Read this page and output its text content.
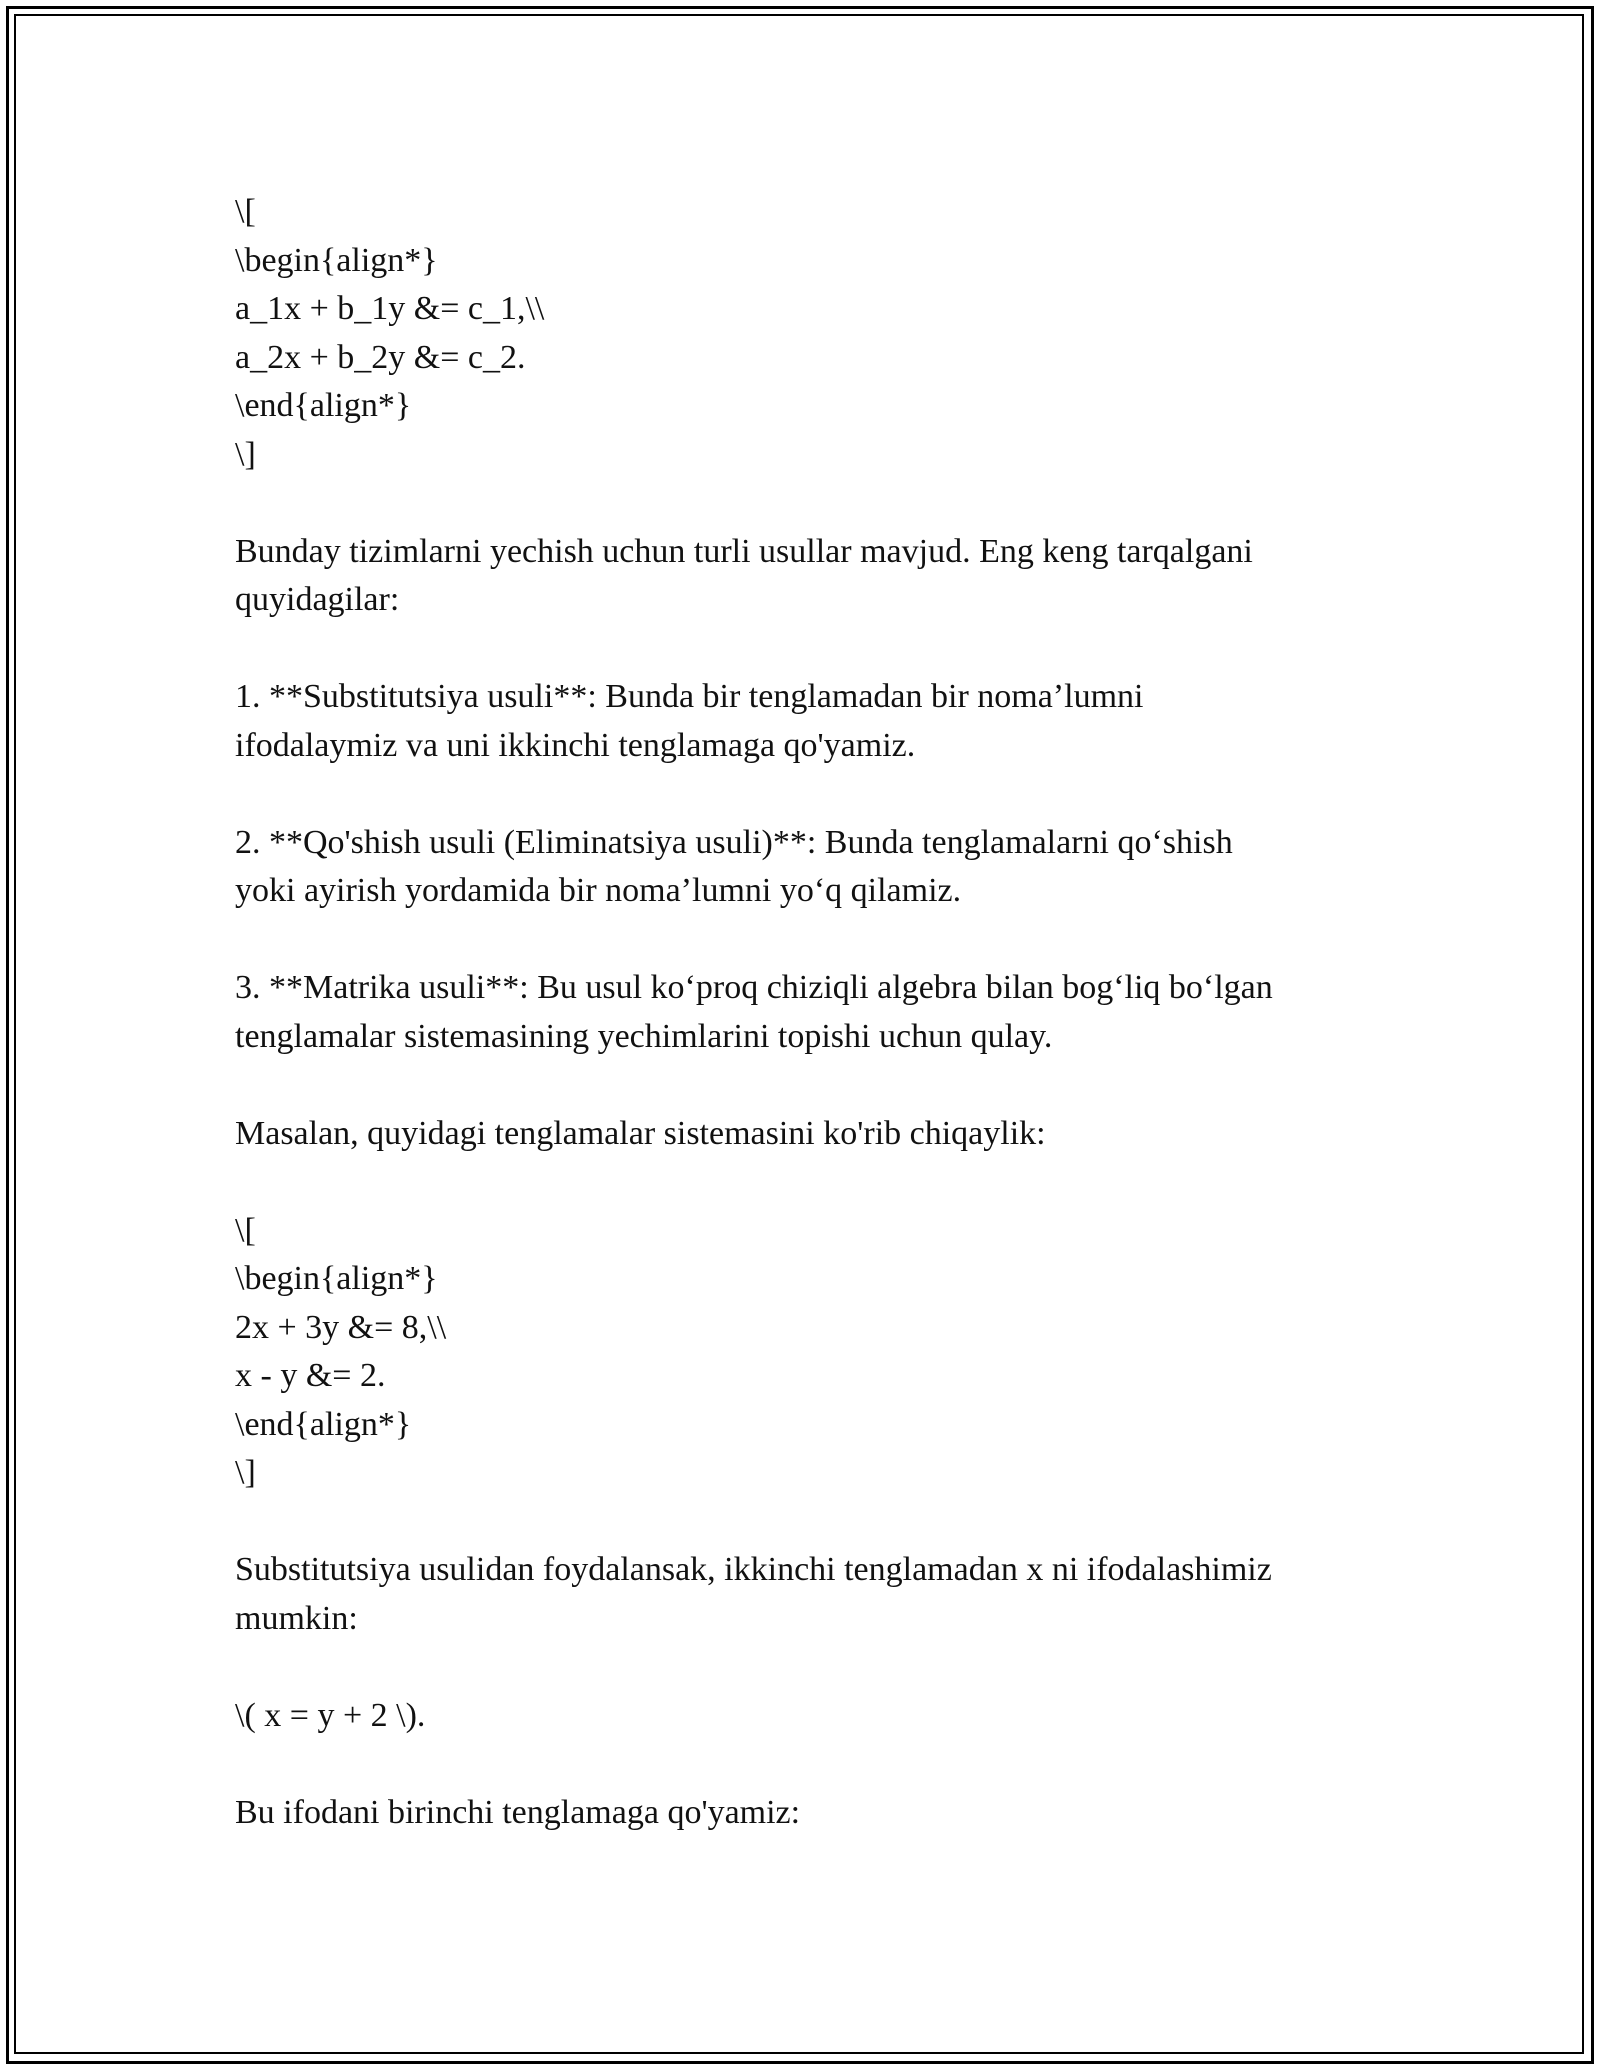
\[
\begin{align*}
a_1x + b_1y &= c_1,\\
a_2x + b_2y &= c_2.
\end{align*}
\]
Bunday tizimlarni yechish uchun turli usullar mavjud. Eng keng tarqalgani
quyidagilar:
1. **Substitutsiya usuli**: Bunda bir tenglamadan bir noma’lumni
ifodalaymiz va uni ikkinchi tenglamaga qo'yamiz.
2. **Qo'shish usuli (Eliminatsiya usuli)**: Bunda tenglamalarni qo‘shish
yoki ayirish yordamida bir noma’lumni yo‘q qilamiz.
3. **Matrika usuli**: Bu usul ko‘proq chiziqli algebra bilan bog‘liq bo‘lgan
tenglamalar sistemasining yechimlarini topishi uchun qulay.
Masalan, quyidagi tenglamalar sistemasini ko'rib chiqaylik:
\[
\begin{align*}
2x + 3y &= 8,\\
x - y &= 2.
\end{align*}
\]
Substitutsiya usulidan foydalansak, ikkinchi tenglamadan x ni ifodalashimiz
mumkin:
\( x = y + 2 \).
Bu ifodani birinchi tenglamaga qo'yamiz:
